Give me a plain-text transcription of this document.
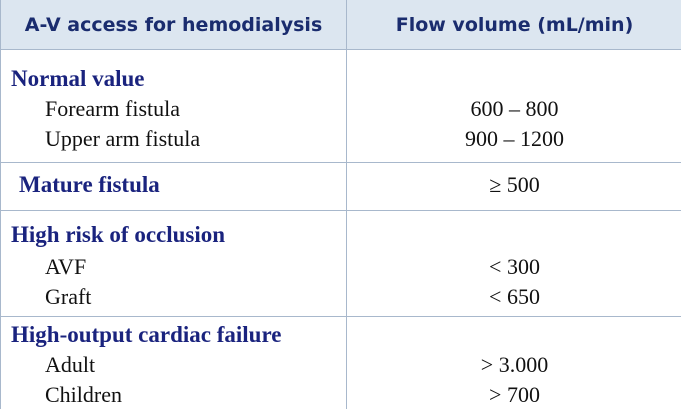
A-V access for hemodialysis	Flow volume (mL/min)
Normal value
Forearm fistula	600 – 800
Upper arm fistula	900 – 1200
Mature fistula	≥ 500
High risk of occlusion
AVF	< 300
Graft	< 650
High-output cardiac failure
Adult	> 3.000
Children	> 700
